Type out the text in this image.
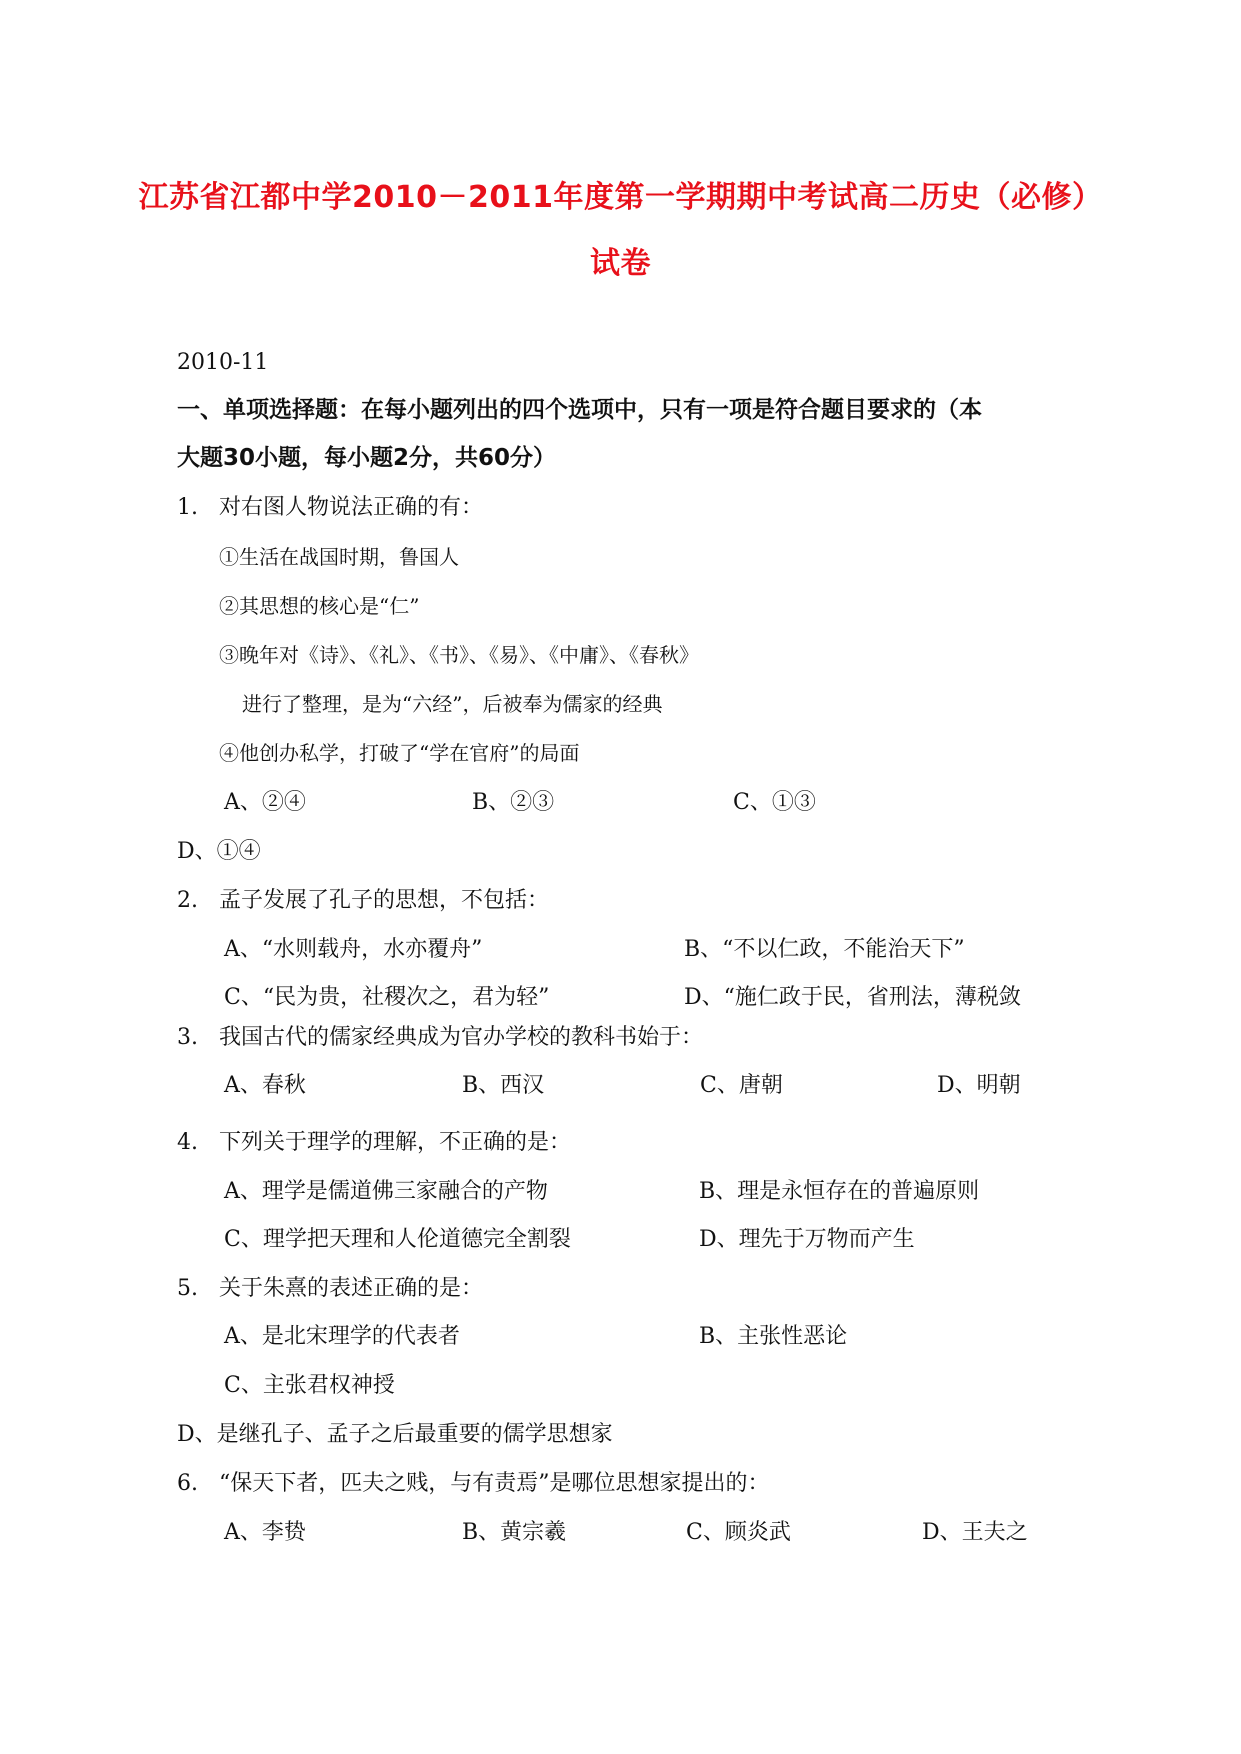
江苏省江都中学2010－2011年度第一学期期中考试高二历史（必修）
试卷
2010-11
一、单项选择题：在每小题列出的四个选项中，只有一项是符合题目要求的（本
大题30小题，每小题2分，共60分）
1. 对右图人物说法正确的有：
①生活在战国时期，鲁国人
②其思想的核心是“仁”
③晚年对《诗》、《礼》、《书》、《易》、《中庸》、《春秋》
进行了整理，是为“六经”，后被奉为儒家的经典
④他创办私学，打破了“学在官府”的局面
A、②④	B、②③	C、①③
D、①④
2. 孟子发展了孔子的思想，不包括：
A、“水则载舟，水亦覆舟”	B、“不以仁政，不能治天下”
C、“民为贵，社稷次之，君为轻”	D、“施仁政于民，省刑法，薄税敛
3. 我国古代的儒家经典成为官办学校的教科书始于：
A、春秋	B、西汉	C、唐朝	D、明朝
4. 下列关于理学的理解，不正确的是：
A、理学是儒道佛三家融合的产物	B、理是永恒存在的普遍原则
C、理学把天理和人伦道德完全割裂	D、理先于万物而产生
5. 关于朱熹的表述正确的是：
A、是北宋理学的代表者	B、主张性恶论
C、主张君权神授
D、是继孔子、孟子之后最重要的儒学思想家
6. “保天下者，匹夫之贱，与有责焉”是哪位思想家提出的：
A、李贽	B、黄宗羲	C、顾炎武	D、王夫之
